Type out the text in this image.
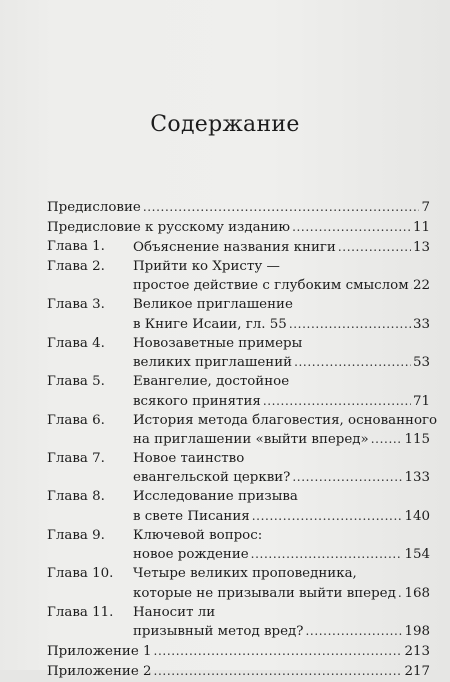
Содержание
Предисловие . . .	7
Предисловие к русскому изданию . . .	11
Глава 1.	Объяснение названия книги . . .	13
Глава 2.	Прийти ко Христу —
простое действие с глубоким смыслом . . . 22
Глава 3.	Великое приглашение
в Книге Исаии, гл. 55 . . .	33
Глава 4.	Новозаветные примеры
великих приглашений . . .	53
Глава 5.	Евангелие, достойное
всякого принятия . . .	71
Глава 6.	История метода благовестия, основанного
на приглашении «выйти вперед» . . .	115
Глава 7.	Новое таинство
евангельской церкви? . . .	133
Глава 8.	Исследование призыва
в свете Писания . . .	140
Глава 9.	Ключевой вопрос:
новое рождение . . .	154
Глава 10.	Четыре великих проповедника,
которые не призывали выйти вперед . . . 168
Глава 11.	Наносит ли
призывный метод вред? . . .	198
Приложение 1 . . .	213
Приложение 2 . . .	217
